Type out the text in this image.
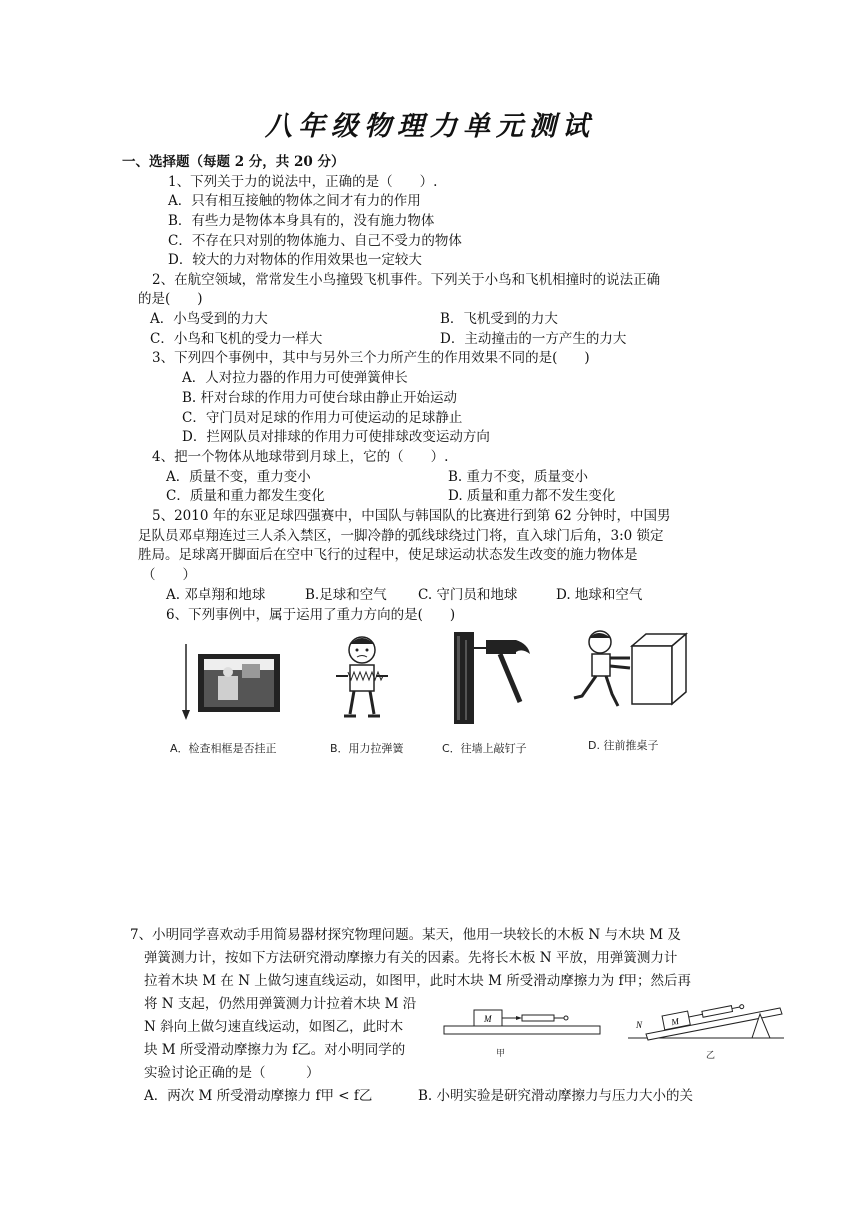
八年级物理力单元测试
一、选择题（每题 2 分，共 20 分）
1、下列关于力的说法中，正确的是（　　）.
A．只有相互接触的物体之间才有力的作用
B．有些力是物体本身具有的，没有施力物体
C．不存在只对别的物体施力、自己不受力的物体
D．较大的力对物体的作用效果也一定较大
2、在航空领域，常常发生小鸟撞毁飞机事件。下列关于小鸟和飞机相撞时的说法正确
的是(　　)
A．小鸟受到的力大	B．飞机受到的力大
C．小鸟和飞机的受力一样大	D．主动撞击的一方产生的力大
3、下列四个事例中，其中与另外三个力所产生的作用效果不同的是(　　)
A．人对拉力器的作用力可使弹簧伸长
B. 杆对台球的作用力可使台球由静止开始运动
C．守门员对足球的作用力可使运动的足球静止
D．拦网队员对排球的作用力可使排球改变运动方向
4、把一个物体从地球带到月球上，它的（　　）.
A．质量不变，重力变小	B. 重力不变，质量变小
C．质量和重力都发生变化	D. 质量和重力都不发生变化
5、2010 年的东亚足球四强赛中，中国队与韩国队的比赛进行到第 62 分钟时，中国男
足队员邓卓翔连过三人杀入禁区，一脚冷静的弧线球绕过门将，直入球门后角，3:0 锁定
胜局。足球离开脚面后在空中飞行的过程中，使足球运动状态发生改变的施力物体是
（　　）
A. 邓卓翔和地球	B.足球和空气 C. 守门员和地球	D. 地球和空气
6、下列事例中，属于运用了重力方向的是(　　)
A．检查相框是否挂正	B．用力拉弹簧	C．往墙上敲钉子	D. 往前推桌子
7、小明同学喜欢动手用简易器材探究物理问题。某天，他用一块较长的木板 N 与木块 M 及
弹簧测力计，按如下方法研究滑动摩擦力有关的因素。先将长木板 N 平放，用弹簧测力计
拉着木块 M 在 N 上做匀速直线运动，如图甲，此时木块 M 所受滑动摩擦力为 f甲；然后再
将 N 支起，仍然用弹簧测力计拉着木块 M 沿
N 斜向上做匀速直线运动，如图乙，此时木
块 M 所受滑动摩擦力为 f乙。对小明同学的
实验讨论正确的是（　　　）
A．两次 M 所受滑动摩擦力 f甲 < f乙	B. 小明实验是研究滑动摩擦力与压力大小的关
M
甲
M
N
乙
